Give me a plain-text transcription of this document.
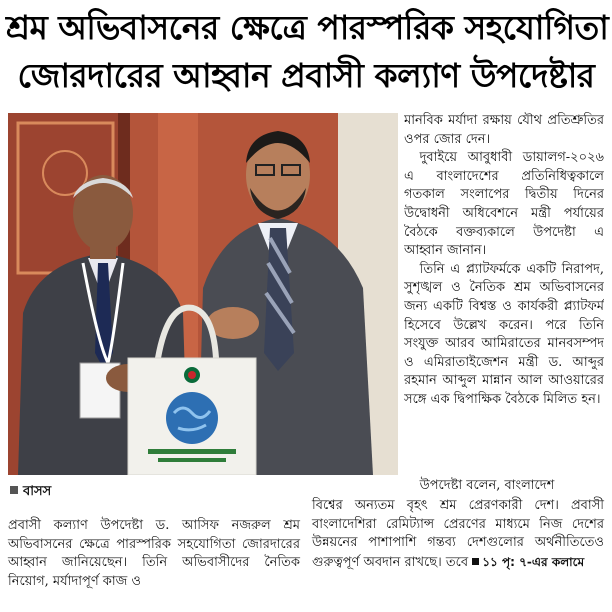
শ্রম অভিবাসনের ক্ষেত্রে পারস্পরিক সহযোগিতা
জোরদারের আহ্বান প্রবাসী কল্যাণ উপদেষ্টার

মানবিক মর্যাদা রক্ষায় যৌথ প্রতিশ্রুতির ওপর জোর দেন।

দুবাইয়ে আবুধাবী ডায়ালগ-২০২৬ এ বাংলাদেশের প্রতিনিধিত্বকালে গতকাল সংলাপের দ্বিতীয় দিনের উদ্বোধনী অধিবেশনে মন্ত্রী পর্যায়ের বৈঠকে বক্তব্যকালে উপদেষ্টা এ আহ্বান জানান।

তিনি এ প্ল্যাটফর্মকে একটি নিরাপদ, সুশৃঙ্খল ও নৈতিক শ্রম অভিবাসনের জন্য একটি বিশ্বস্ত ও কার্যকরী প্ল্যাটফর্ম হিসেবে উল্লেখ করেন। পরে তিনি সংযুক্ত আরব আমিরাতের মানবসম্পদ ও এমিরাতাইজেশন মন্ত্রী ড. আব্দুর রহমান আব্দুল মান্নান আল আওয়ারের সঙ্গে এক দ্বিপাক্ষিক বৈঠকে মিলিত হন।

উপদেষ্টা বলেন, বাংলাদেশ
বাসস
প্রবাসী কল্যাণ উপদেষ্টা ড. আসিফ নজরুল শ্রম অভিবাসনের ক্ষেত্রে পারস্পরিক সহযোগিতা জোরদারের আহ্বান জানিয়েছেন। তিনি অভিবাসীদের নৈতিক নিয়োগ, মর্যাদাপূর্ণ কাজ ও
বিশ্বের অন্যতম বৃহৎ শ্রম প্রেরণকারী দেশ। প্রবাসী বাংলাদেশিরা রেমিট্যান্স প্রেরণের মাধ্যমে নিজ দেশের উন্নয়নের পাশাপাশি গন্তব্য দেশগুলোর অর্থনীতিতেও গুরুত্বপূর্ণ অবদান রাখছে। তবে ১১ পৃ: ৭-এর কলামে
